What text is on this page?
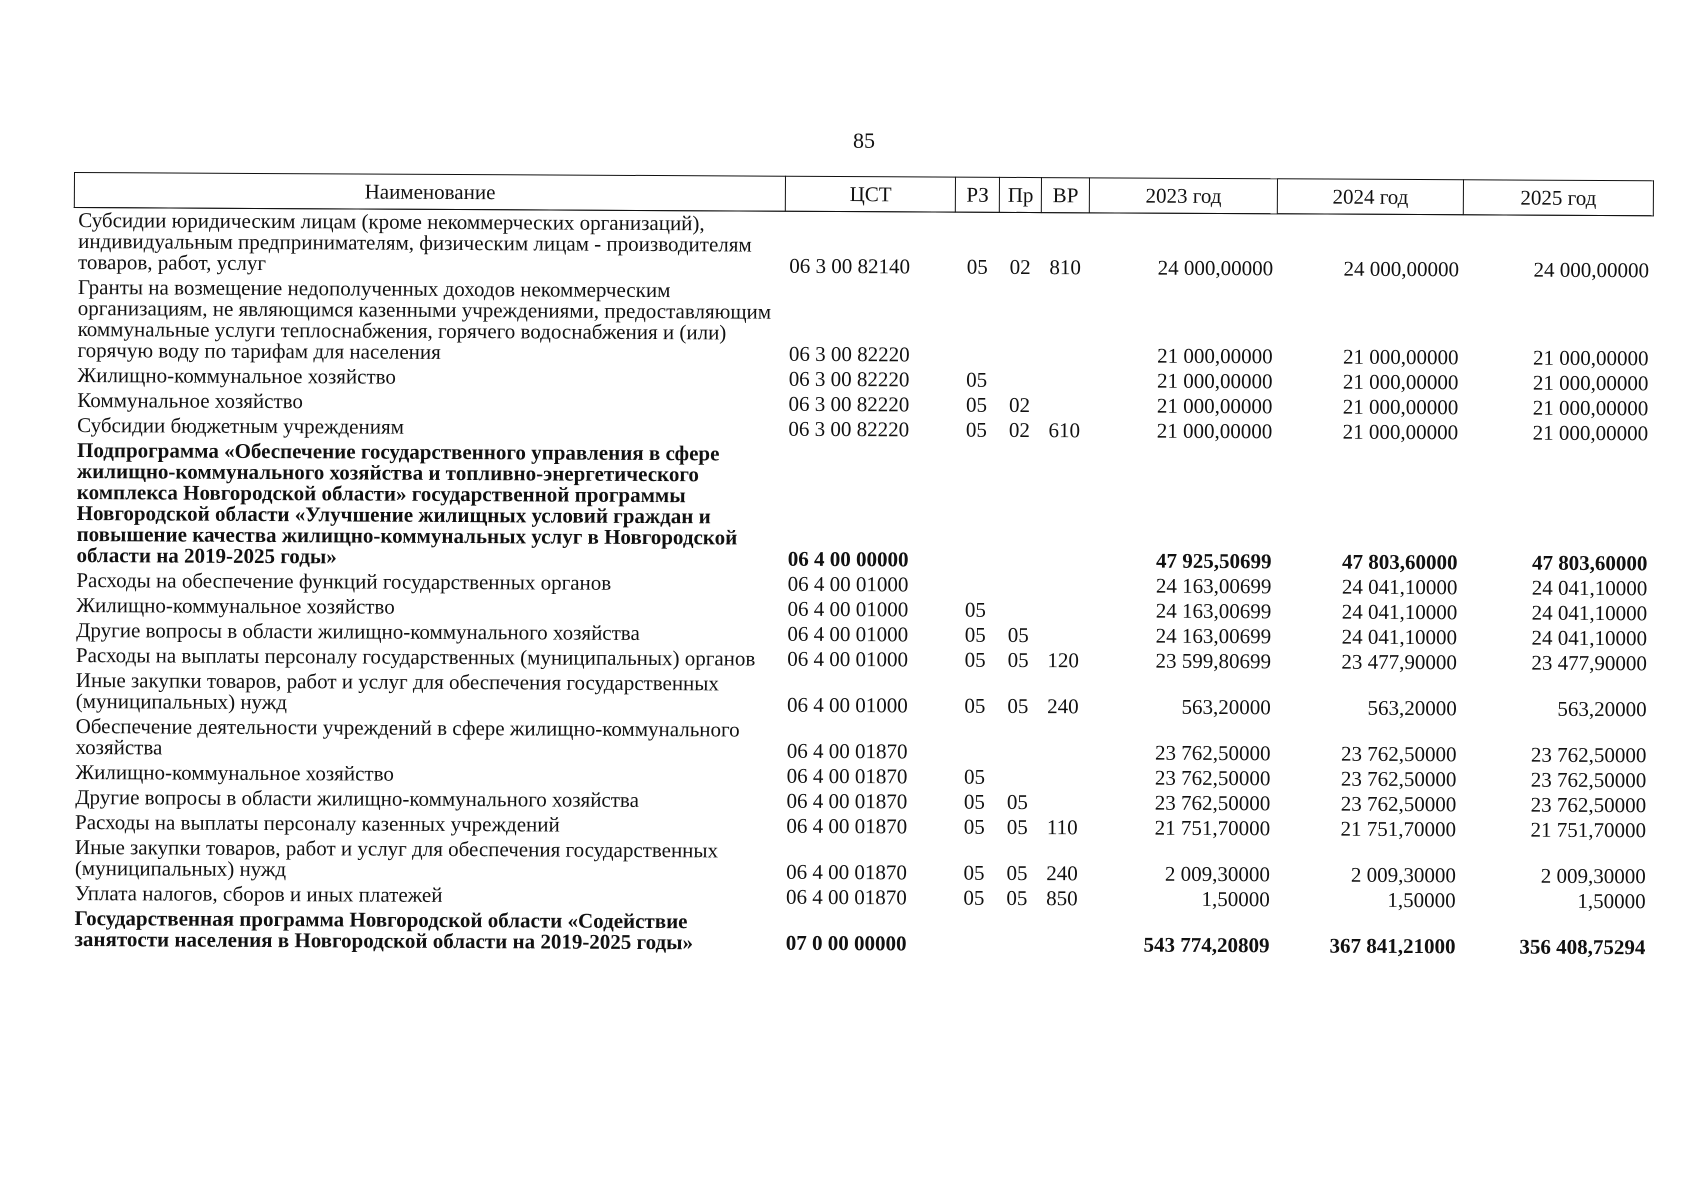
85
Наименование	ЦСТ	РЗ	Пр	ВР	2023 год	2024 год	2025 год
Субсидии юридическим лицам (кроме некоммерческих организаций), индивидуальным предпринимателям, физическим лицам - производителям товаров, работ, услуг	06 3 00 82140	05	02	810	24 000,00000	24 000,00000	24 000,00000
Гранты на возмещение недополученных доходов некоммерческим организациям, не являющимся казенными учреждениями, предоставляющим коммунальные услуги теплоснабжения, горячего водоснабжения и (или) горячую воду по тарифам для населения	06 3 00 82220				21 000,00000	21 000,00000	21 000,00000
Жилищно-коммунальное хозяйство	06 3 00 82220	05			21 000,00000	21 000,00000	21 000,00000
Коммунальное хозяйство	06 3 00 82220	05	02		21 000,00000	21 000,00000	21 000,00000
Субсидии бюджетным учреждениям	06 3 00 82220	05	02	610	21 000,00000	21 000,00000	21 000,00000
Подпрограмма «Обеспечение государственного управления в сфере жилищно-коммунального хозяйства и топливно-энергетического комплекса Новгородской области» государственной программы Новгородской области «Улучшение жилищных условий граждан и повышение качества жилищно-коммунальных услуг в Новгородской области на 2019-2025 годы»	06 4 00 00000				47 925,50699	47 803,60000	47 803,60000
Расходы на обеспечение функций государственных органов	06 4 00 01000				24 163,00699	24 041,10000	24 041,10000
Жилищно-коммунальное хозяйство	06 4 00 01000	05			24 163,00699	24 041,10000	24 041,10000
Другие вопросы в области жилищно-коммунального хозяйства	06 4 00 01000	05	05		24 163,00699	24 041,10000	24 041,10000
Расходы на выплаты персоналу государственных (муниципальных) органов	06 4 00 01000	05	05	120	23 599,80699	23 477,90000	23 477,90000
Иные закупки товаров, работ и услуг для обеспечения государственных (муниципальных) нужд	06 4 00 01000	05	05	240	563,20000	563,20000	563,20000
Обеспечение деятельности учреждений в сфере жилищно-коммунального хозяйства	06 4 00 01870				23 762,50000	23 762,50000	23 762,50000
Жилищно-коммунальное хозяйство	06 4 00 01870	05			23 762,50000	23 762,50000	23 762,50000
Другие вопросы в области жилищно-коммунального хозяйства	06 4 00 01870	05	05		23 762,50000	23 762,50000	23 762,50000
Расходы на выплаты персоналу казенных учреждений	06 4 00 01870	05	05	110	21 751,70000	21 751,70000	21 751,70000
Иные закупки товаров, работ и услуг для обеспечения государственных (муниципальных) нужд	06 4 00 01870	05	05	240	2 009,30000	2 009,30000	2 009,30000
Уплата налогов, сборов и иных платежей	06 4 00 01870	05	05	850	1,50000	1,50000	1,50000
Государственная программа Новгородской области «Содействие занятости населения в Новгородской области на 2019-2025 годы»	07 0 00 00000				543 774,20809	367 841,21000	356 408,75294
